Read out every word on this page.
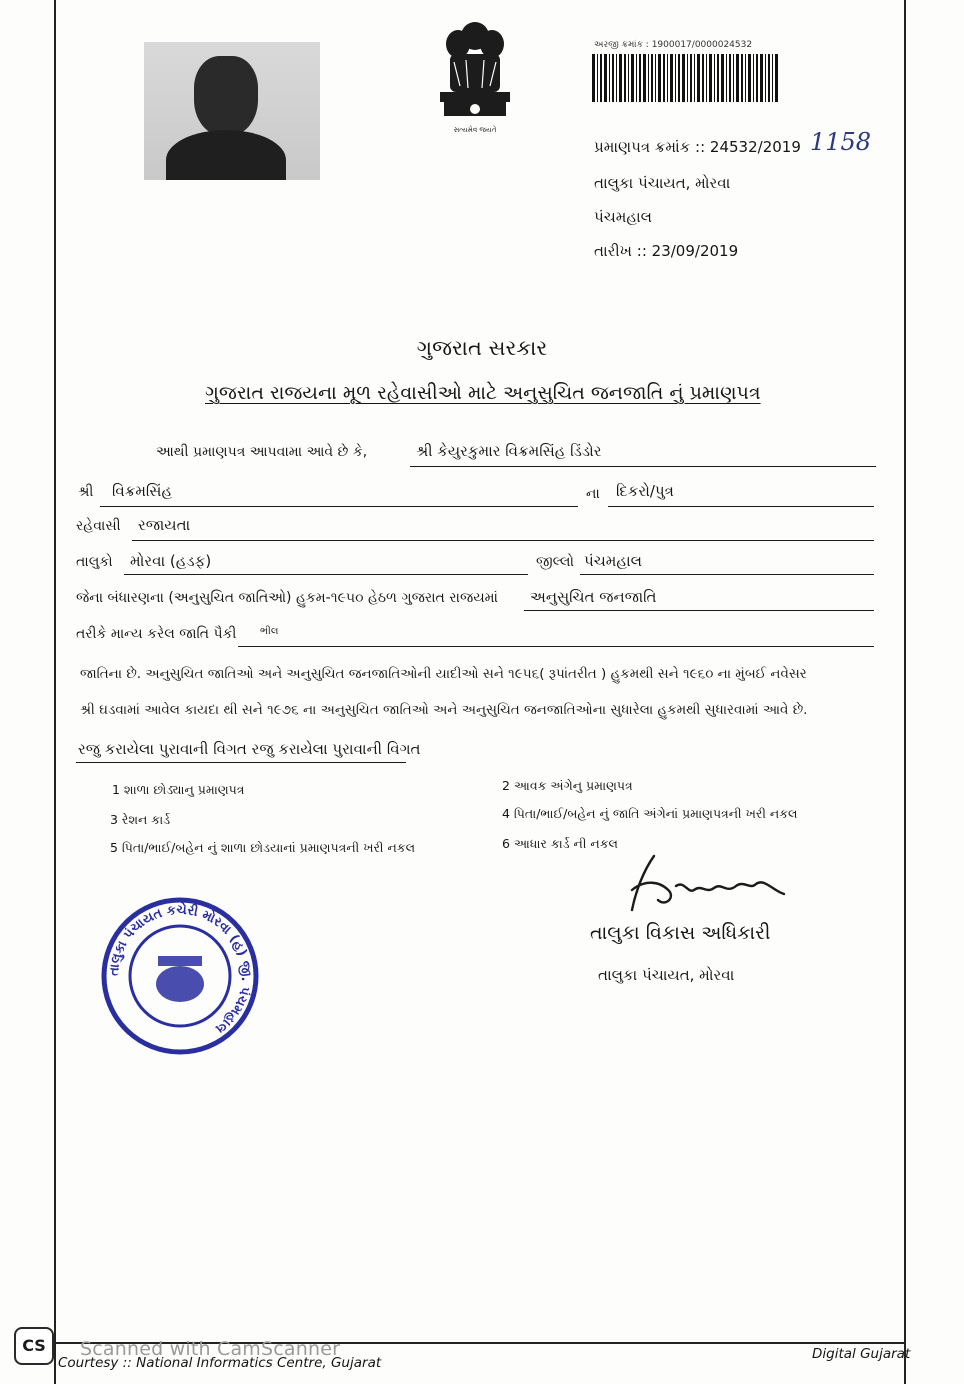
સત્યમેવ જયતે
અરજી ક્રમાંક : 1900017/0000024532
પ્રમાણપત્ર ક્રમાંક :: 24532/2019 1158
તાલુકા પંચાયત, મોરવા
પંચમહાલ
તારીખ :: 23/09/2019
ગુજરાત સરકાર
ગુજરાત રાજયના મૂળ રહેવાસીઓ માટે અનુસુચિત જનજાતિ નું પ્રમાણપત્ર
આથી પ્રમાણપત્ર આપવામા આવે છે કે,	શ્રી કેયુરકુમાર વિક્રમસિંહ ડિંડોર
શ્રી વિક્રમસિંહ	ના દિકરો/પુત્ર
રહેવાસી રજાયતા
તાલુકો મોરવા (હડફ)	જીલ્લો પંચમહાલ
જેના બંધારણના (અનુસુચિત જાતિઓ) હુકમ-૧૯૫૦ હેઠળ ગુજરાત રાજયમાં અનુસુચિત જનજાતિ
તરીકે માન્ય કરેલ જાતિ પૈકી ભીલ
જાતિના છે. અનુસુચિત જાતિઓ અને અનુસુચિત જનજાતિઓની યાદીઓ સને ૧૯૫૬( રૂપાંતરીત ) હુકમથી સને ૧૯૬૦ ના મુંબઈ નવેસર
શ્રી ઘડવામાં આવેલ કાયદા થી સને ૧૯૭૬ ના અનુસુચિત જાતિઓ અને અનુસુચિત જનજાતિઓના સુધારેલા હુકમથી સુધારવામાં આવે છે.
રજુ કરાયેલા પુરાવાની વિગત રજુ કરાયેલા પુરાવાની વિગત
1 શાળા છોડ્યાનુ પ્રમાણપત્ર	2 આવક અંગેનુ પ્રમાણપત્ર
3 રેશન કાર્ડ	4 પિતા/ભાઈ/બહેન નું જાતિ અંગેનાં પ્રમાણપત્રની ખરી નકલ
5 પિતા/ભાઈ/બહેન નું શાળા છોડયાનાં પ્રમાણપત્રની ખરી નકલ	6 આધાર કાર્ડ ની નકલ
તાલુકા વિકાસ અધિકારી
તાલુકા પંચાયત, મોરવા
તાલુકા પંચાયત કચેરી મોરવા (હ) જી. પંચમહાલ
CS	Scanned with CamScanner
Courtesy :: National Informatics Centre, Gujarat
Digital Gujarat
